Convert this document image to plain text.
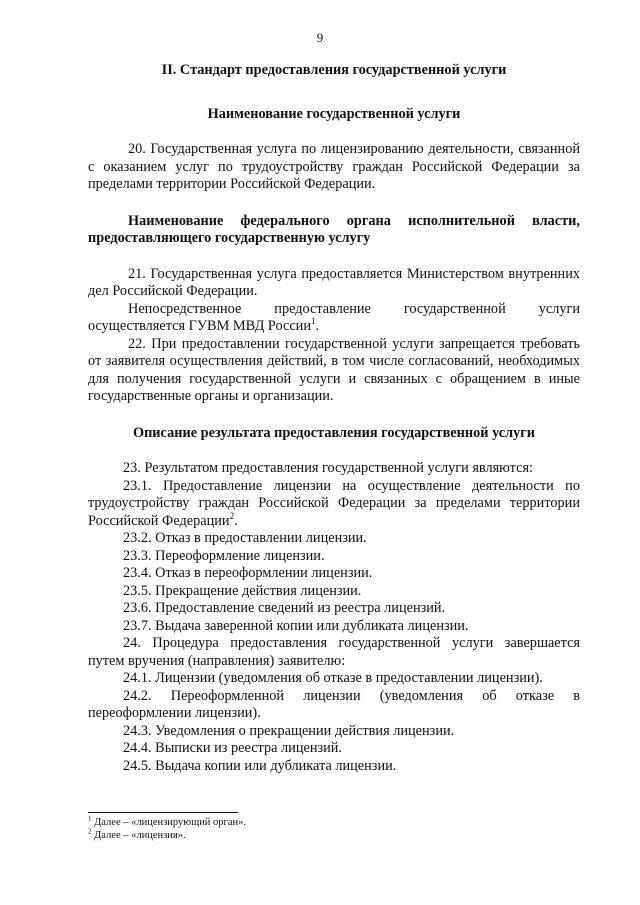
9
II. Стандарт предоставления государственной услуги
Наименование государственной услуги

20. Государственная услуга по лицензированию деятельности, связанной с оказанием услуг по трудоустройству граждан Российской Федерации за пределами территории Российской Федерации.

Наименование федерального органа исполнительной власти, предоставляющего государственную услугу

21. Государственная услуга предоставляется Министерством внутренних дел Российской Федерации.

Непосредственное предоставление государственной услуги осуществляется ГУВМ МВД России$^1$.

22. При предоставлении государственной услуги запрещается требовать от заявителя осуществления действий, в том числе согласований, необходимых для получения государственной услуги и связанных с обращением в иные государственные органы и организации.

Описание результата предоставления государственной услуги

23. Результатом предоставления государственной услуги являются:

23.1. Предоставление лицензии на осуществление деятельности по трудоустройству граждан Российской Федерации за пределами территории Российской Федерации$^2$.

23.2. Отказ в предоставлении лицензии.

23.3. Переоформление лицензии.

23.4. Отказ в переоформлении лицензии.

23.5. Прекращение действия лицензии.

23.6. Предоставление сведений из реестра лицензий.

23.7. Выдача заверенной копии или дубликата лицензии.

24. Процедура предоставления государственной услуги завершается путем вручения (направления) заявителю:

24.1. Лицензии (уведомления об отказе в предоставлении лицензии).

24.2. Переоформленной лицензии (уведомления об отказе в переоформлении лицензии).

24.3. Уведомления о прекращении действия лицензии.

24.4. Выписки из реестра лицензий.

24.5. Выдача копии или дубликата лицензии.

$^1$ Далее – «лицензирующий орган».
$^2$ Далее – «лицензия».
